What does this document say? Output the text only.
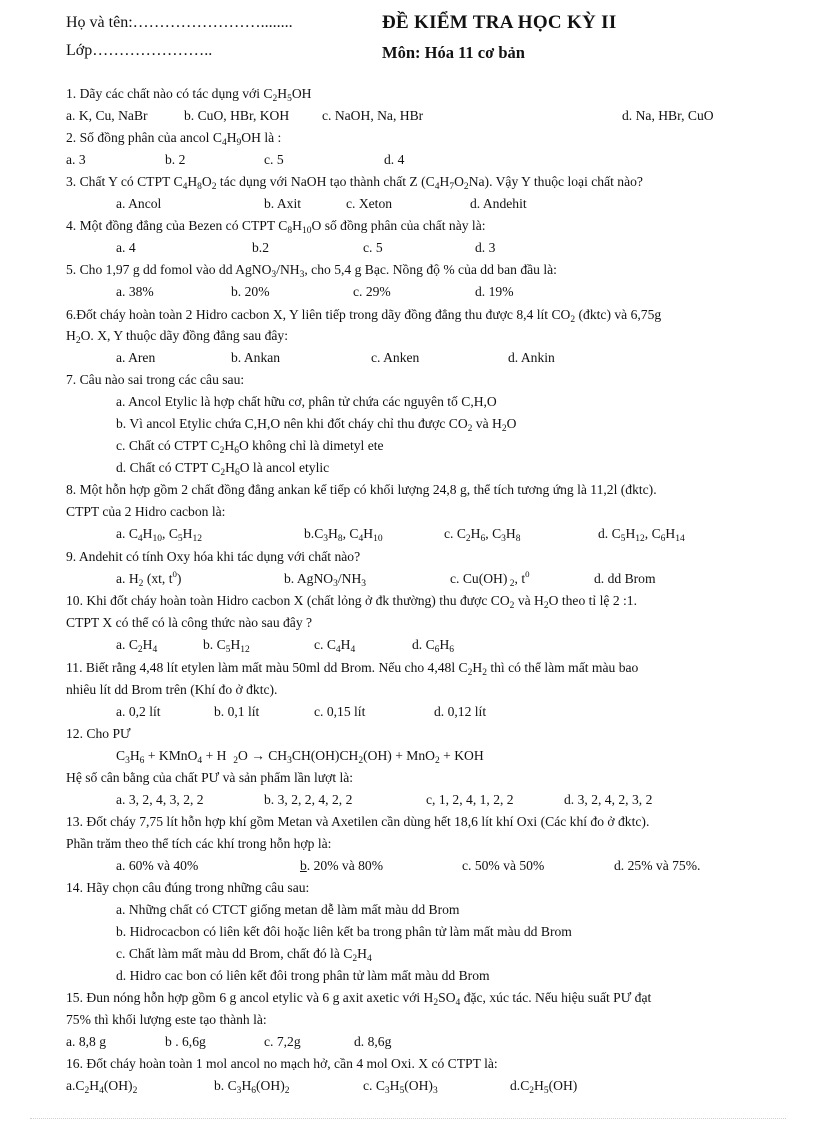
Họ và tên:……………………........	ĐỀ KIỂM TRA HỌC KỲ II
Lớp…………………..	Môn: Hóa 11 cơ bản
1. Dãy các chất nào có tác dụng với $C_2H_5OH$
a. K, Cu, NaBr	b. CuO, HBr, KOH c. NaOH, Na, HBr	d. Na, HBr, CuO
2. Số đồng phân của ancol $C_4H_9OH$ là :
a. 3	b. 2	c. 5	d. 4
3. Chất Y có CTPT $C_4H_8O_2$ tác dụng với NaOH tạo thành chất Z $(C_4H_7O_2Na)$. Vậy Y thuộc loại chất nào?
a. Ancol	b. Axit	c. Xeton	d. Andehit
4. Một đồng đẳng của Bezen có CTPT $C_8H_{10}O$ số đồng phân của chất này là:
a. 4	b.2	c. 5	d. 3
5. Cho 1,97 g dd fomol vào dd $AgNO_3/NH_3$, cho 5,4 g Bạc. Nồng độ % của dd ban đầu là:
a. 38%	b. 20%	c. 29%	d. 19%
6.Đốt cháy hoàn toàn 2 Hidro cacbon X, Y liên tiếp trong dãy đồng đẳng thu được 8,4 lít $CO_2$ (đktc) và 6,75g
$H_2O$. X, Y thuộc dãy đồng đẳng sau đây:
a. Aren	b. Ankan	c. Anken	d. Ankin
7. Câu nào sai trong các câu sau:
a. Ancol Etylic là hợp chất hữu cơ, phân tử chứa các nguyên tố C,H,O
b. Vì ancol Etylic chứa C,H,O nên khi đốt cháy chỉ thu được $CO_2$ và $H_2O$
c. Chất có CTPT $C_2H_6O$ không chỉ là dimetyl ete
d. Chất có CTPT $C_2H_6O$ là ancol etylic
8. Một hỗn hợp gồm 2 chất đồng đẳng ankan kế tiếp có khối lượng 24,8 g, thể tích tương ứng là 11,2l (đktc).
CTPT của 2 Hidro cacbon là:
a. $C_4H_{10}$, $C_5H_{12}$	$b.C_3H_8$, $C_4H_{10}$	c. $C_2H_6$, $C_3H_8$	d. $C_5H_{12}$, $C_6H_{14}$
9. Andehit có tính Oxy hóa khi tác dụng với chất nào?
a. $H_2$ (xt, $t^0$)	b. $AgNO_3/NH_3$	c. Cu(OH) $_2$, $t^0$	d. dd Brom
10. Khi đốt cháy hoàn toàn Hidro cacbon X (chất lỏng ở đk thường) thu được $CO_2$ và $H_2O$ theo tỉ lệ 2 :1.
CTPT X có thể có là công thức nào sau đây ?
a. $C_2H_4$	b. $C_5H_{12}$	c. $C_4H_4$	d. $C_6H_6$
11. Biết rằng 4,48 lít etylen làm mất màu 50ml dd Brom. Nếu cho 4,48l $C_2H_2$ thì có thể làm mất màu bao
nhiêu lít dd Brom trên (Khí đo ở đktc).
a. 0,2 lít	b. 0,1 lít	c. 0,15 lít	d. 0,12 lít
12. Cho PƯ
$C_3H_6$ + KMnO$_4$ + H  $_2O \to CH_3CH(OH)CH_2(OH) + MnO_2$ + KOH
Hệ số cân bằng của chất PƯ và sản phẩm lần lượt là:
a. 3, 2, 4, 3, 2, 2	b. 3, 2, 2, 4, 2, 2	c, 1, 2, 4, 1, 2, 2	d. 3, 2, 4, 2, 3, 2
13. Đốt cháy 7,75 lít hỗn hợp khí gồm Metan và Axetilen cần dùng hết 18,6 lít khí Oxi (Các khí đo ở đktc).
Phần trăm theo thể tích các khí trong hỗn hợp là:
a. 60% và 40%	b. 20% và 80%	c. 50% và 50%	d. 25% và 75%.
14. Hãy chọn câu đúng trong những câu sau:
a. Những chất có CTCT giống metan dễ làm mất màu dd Brom
b. Hidrocacbon có liên kết đôi hoặc liên kết ba trong phân tử làm mất màu dd Brom
c. Chất làm mất màu dd Brom, chất đó là $C_2H_4$
d. Hidro cac bon có liên kết đôi trong phân tử làm mất màu dd Brom
15. Đun nóng hỗn hợp gồm 6 g ancol etylic và 6 g axit axetic với $H_2SO_4$ đặc, xúc tác. Nếu hiệu suất PƯ đạt
75% thì khối lượng este tạo thành là:
a. 8,8 g	b . 6,6g	c. 7,2g	d. 8,6g
16. Đốt cháy hoàn toàn 1 mol ancol no mạch hở, cần 4 mol Oxi. X có CTPT là:
$a.C_2H_4(OH)_2$	b. $C_3H_6(OH)_2$	c. $C_3H_5(OH)_3$	$d.C_2H_5(OH)$
